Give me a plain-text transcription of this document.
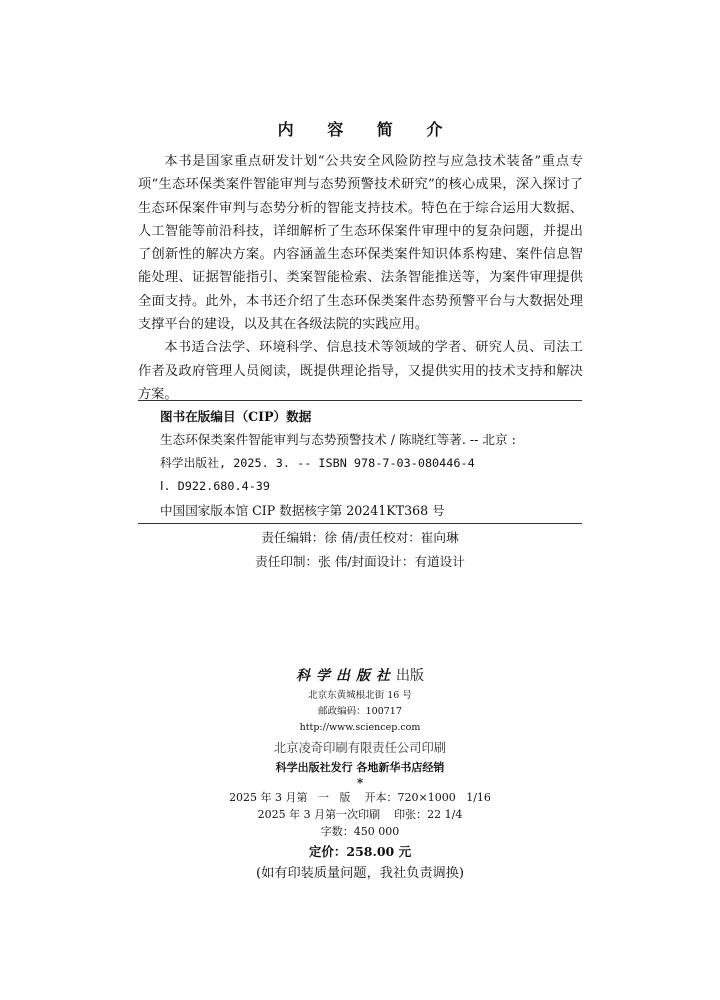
内 容 简 介

本书是国家重点研发计划“公共安全风险防控与应急技术装备”重点专项“生态环保类案件智能审判与态势预警技术研究”的核心成果，深入探讨了生态环保案件审判与态势分析的智能支持技术。特色在于综合运用大数据、人工智能等前沿科技，详细解析了生态环保案件审理中的复杂问题，并提出了创新性的解决方案。内容涵盖生态环保类案件知识体系构建、案件信息智能处理、证据智能指引、类案智能检索、法条智能推送等，为案件审理提供全面支持。此外，本书还介绍了生态环保类案件态势预警平台与大数据处理支撑平台的建设，以及其在各级法院的实践应用。

本书适合法学、环境科学、信息技术等领域的学者、研究人员、司法工作者及政府管理人员阅读，既提供理论指导，又提供实用的技术支持和解决方案。

图书在版编目（CIP）数据
生态环保类案件智能审判与态势预警技术 / 陈晓红等著. -- 北京 :
科学出版社, 2025. 3. -- ISBN 978-7-03-080446-4
Ⅰ. D922.680.4-39
中国国家版本馆 CIP 数据核字第 20241KT368 号
责任编辑：徐 倩/责任校对：崔向琳
责任印制：张 伟/封面设计：有道设计
科学出版社出版
北京东黄城根北街 16 号
邮政编码：100717
http://www.sciencep.com
北京凌奇印刷有限责任公司印刷
科学出版社发行 各地新华书店经销
*
2025 年 3 月第   一   版    开本：720×1000   1/16
2025 年 3 月第一次印刷    印张：22 1/4
字数：450 000
定价：258.00 元
(如有印装质量问题，我社负责调换)
